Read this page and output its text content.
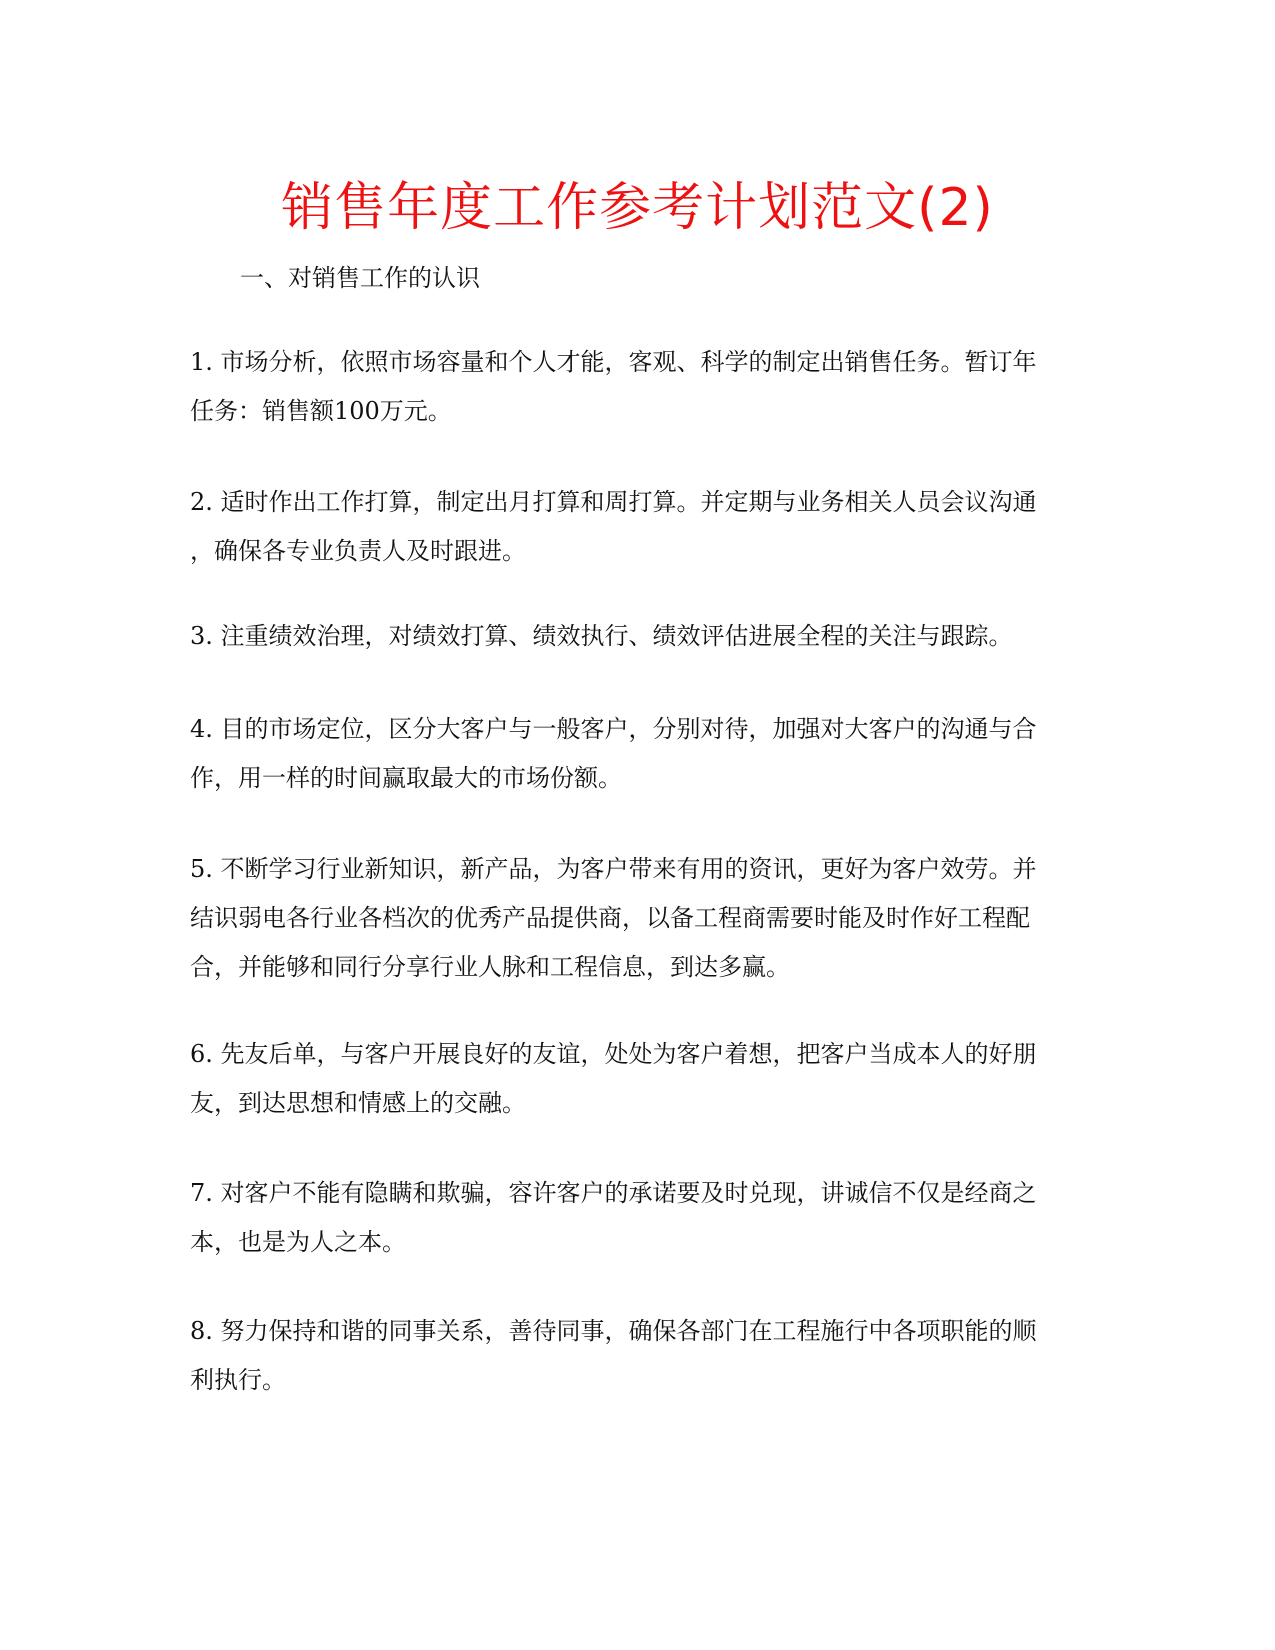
销售年度工作参考计划范文(2)
一、对销售工作的认识
1. 市场分析，依照市场容量和个人才能，客观、科学的制定出销售任务。暂订年
任务：销售额100万元。
2. 适时作出工作打算，制定出月打算和周打算。并定期与业务相关人员会议沟通
，确保各专业负责人及时跟进。
3. 注重绩效治理，对绩效打算、绩效执行、绩效评估进展全程的关注与跟踪。
4. 目的市场定位，区分大客户与一般客户，分别对待，加强对大客户的沟通与合
作，用一样的时间赢取最大的市场份额。
5. 不断学习行业新知识，新产品，为客户带来有用的资讯，更好为客户效劳。并
结识弱电各行业各档次的优秀产品提供商，以备工程商需要时能及时作好工程配
合，并能够和同行分享行业人脉和工程信息，到达多赢。
6. 先友后单，与客户开展良好的友谊，处处为客户着想，把客户当成本人的好朋
友，到达思想和情感上的交融。
7. 对客户不能有隐瞒和欺骗，容许客户的承诺要及时兑现，讲诚信不仅是经商之
本，也是为人之本。
8. 努力保持和谐的同事关系，善待同事，确保各部门在工程施行中各项职能的顺
利执行。
